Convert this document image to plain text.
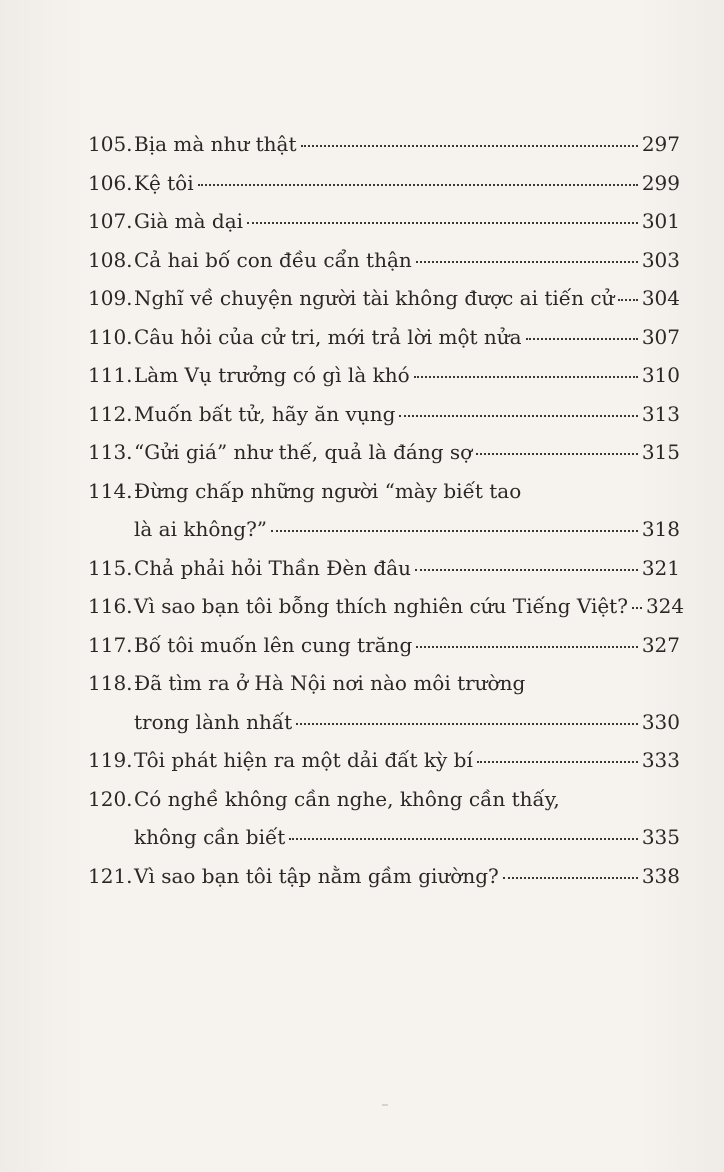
105. Bịa mà như thật	297
106. Kệ tôi	299
107. Già mà dại	301
108. Cả hai bố con đều cẩn thận	303
109. Nghĩ về chuyện người tài không được ai tiến cử 304
110. Câu hỏi của cử tri, mới trả lời một nửa	307
111. Làm Vụ trưởng có gì là khó	310
112. Muốn bất tử, hãy ăn vụng	313
113. “Gửi giá” như thế, quả là đáng sợ	315
114. Đừng chấp những người “mày biết tao
là ai không?”	318
115. Chả phải hỏi Thần Đèn đâu	321
116. Vì sao bạn tôi bỗng thích nghiên cứu Tiếng Việt? 324
117. Bố tôi muốn lên cung trăng	327
118. Đã tìm ra ở Hà Nội nơi nào môi trường
trong lành nhất	330
119. Tôi phát hiện ra một dải đất kỳ bí	333
120. Có nghề không cần nghe, không cần thấy,
không cần biết	335
121. Vì sao bạn tôi tập nằm gầm giường?	338
